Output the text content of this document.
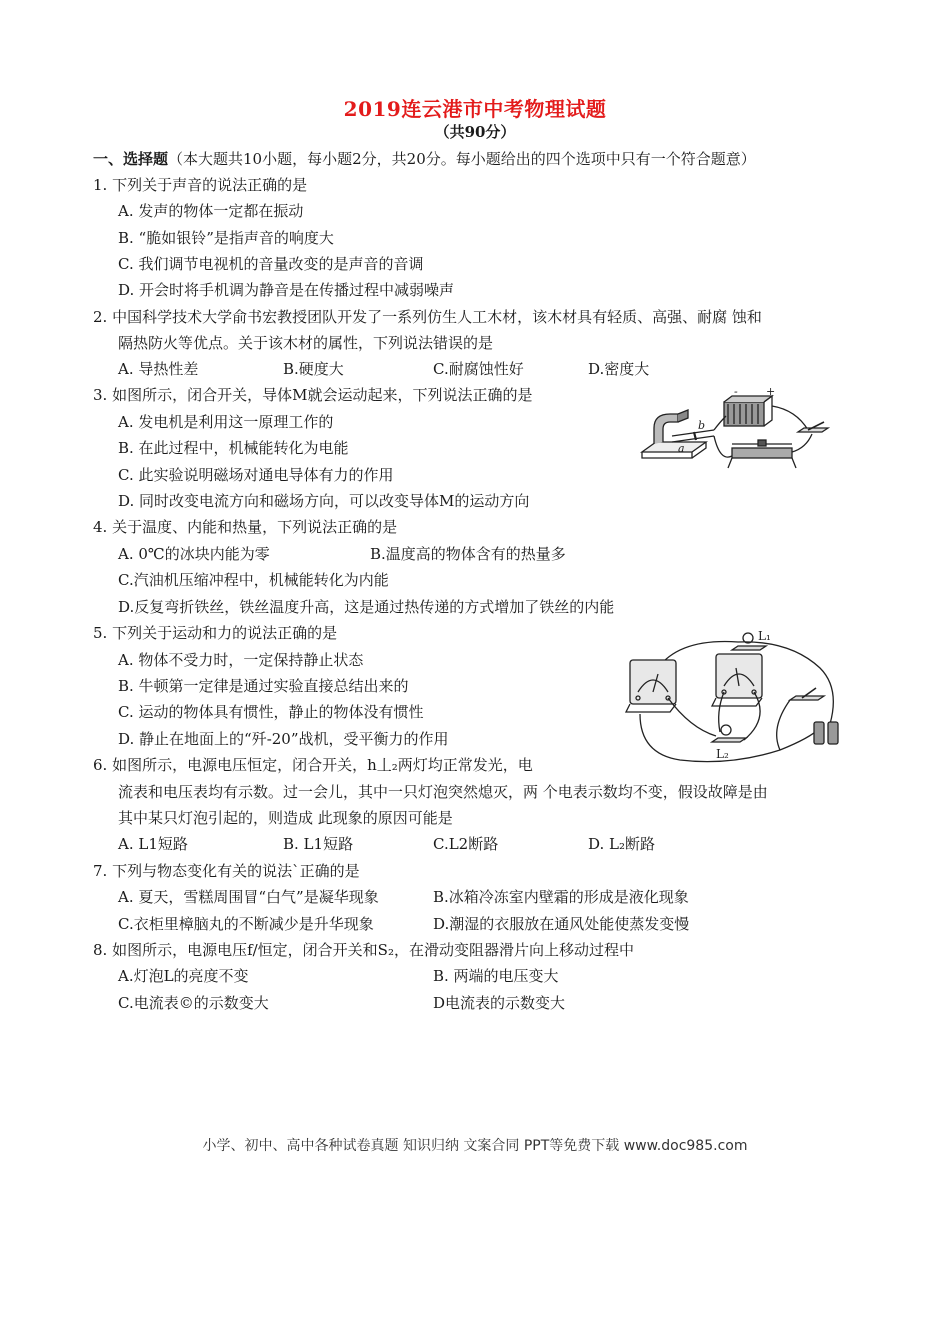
2019连云港市中考物理试题
（共90分）
一、选择题（本大题共10小题，每小题2分，共20分。每小题给出的四个选项中只有一个符合题意）
1. 下列关于声音的说法正确的是
A. 发声的物体一定都在振动
B. “脆如银铃”是指声音的响度大
C. 我们调节电视机的音量改变的是声音的音调
D. 开会时将手机调为静音是在传播过程中减弱噪声
2. 中国科学技术大学俞书宏教授团队开发了一系列仿生人工木材，该木材具有轻质、高强、耐腐 蚀和
隔热防火等优点。关于该木材的属性，下列说法错误的是
A. 导热性差	B.硬度大	C.耐腐蚀性好	D.密度大
3. 如图所示，闭合开关，导体M就会运动起来，下列说法正确的是
A. 发电机是利用这一原理工作的
B. 在此过程中，机械能转化为电能
C. 此实验说明磁场对通电导体有力的作用
D. 同时改变电流方向和磁场方向，可以改变导体M的运动方向
-	+
b
a
4. 关于温度、内能和热量，下列说法正确的是
A. 0℃的冰块内能为零	B.温度高的物体含有的热量多
C.汽油机压缩冲程中，机械能转化为内能
D.反复弯折铁丝，铁丝温度升高，这是通过热传递的方式增加了铁丝的内能
5. 下列关于运动和力的说法正确的是
A. 物体不受力时，一定保持静止状态
B. 牛顿第一定律是通过实验直接总结出来的
C. 运动的物体具有惯性，静止的物体没有惯性
D. 静止在地面上的“歼-20”战机，受平衡力的作用
L₁
L₂
6. 如图所示，电源电压恒定，闭合开关，h丄₂两灯均正常发光，电
流表和电压表均有示数。过一会儿，其中一只灯泡突然熄灭，两 个电表示数均不变，假设故障是由
其中某只灯泡引起的，则造成 此现象的原因可能是
A. L1短路	B. L1短路	C.L2断路	D. L₂断路
7. 下列与物态变化有关的说法`正确的是
A. 夏天，雪糕周围冒“白气”是凝华现象	B.冰箱冷冻室内壁霜的形成是液化现象
C.衣柜里樟脑丸的不断减少是升华现象	D.潮湿的衣服放在通风处能使蒸发变慢
8. 如图所示，电源电压f/恒定，闭合开关和S₂，在滑动变阻器滑片向上移动过程中
A.灯泡L的亮度不变	B. 两端的电压变大
C.电流表©的示数变大	D电流表的示数变大
小学、初中、高中各种试卷真题 知识归纳 文案合同 PPT等免费下载 www.doc985.com
